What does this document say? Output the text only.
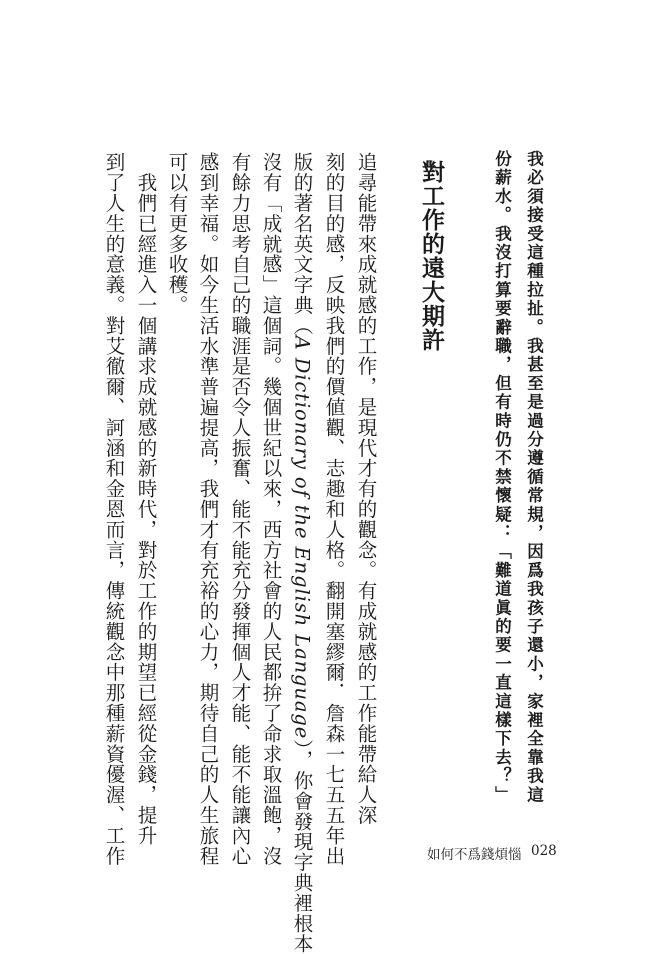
我必須接受這種拉扯。我甚至是過分遵循常規，因爲我孩子還小，家裡全靠我這
份薪水。我沒打算要辭職，但有時仍不禁懷疑：「難道眞的要一直這樣下去？」
對工作的遠大期許
追尋能帶來成就感的工作，是現代才有的觀念。有成就感的工作能帶給人深
刻的目的感，反映我們的價値觀、志趣和人格。翻開塞繆爾．詹森一七五五年出
版的著名英文字典（A Dictionary of the English Language），你會發現字典裡根本
沒有「成就感」這個詞。幾個世紀以來，西方社會的人民都拚了命求取溫飽，沒
有餘力思考自己的職涯是否令人振奮、能不能充分發揮個人才能、能不能讓內心
感到幸福。如今生活水準普遍提高，我們才有充裕的心力，期待自己的人生旅程
可以有更多收穫。
　我們已經進入一個講求成就感的新時代，對於工作的期望已經從金錢，提升
到了人生的意義。對艾徹爾、訶涵和金恩而言，傳統觀念中那種薪資優渥、工作	如何不爲錢煩惱 028
